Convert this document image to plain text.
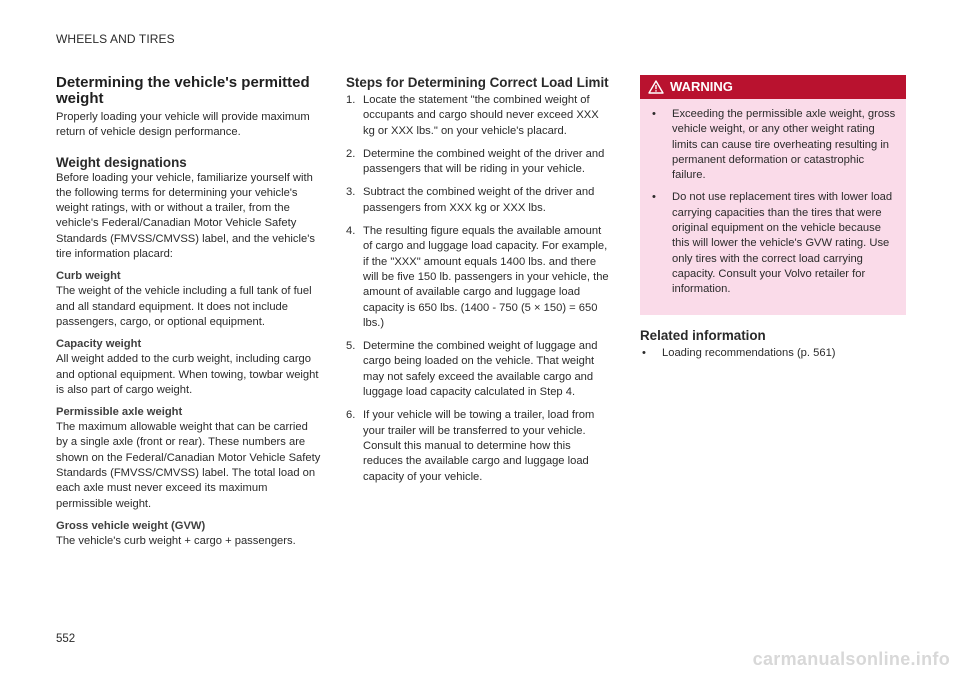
WHEELS AND TIRES
Determining the vehicle's permitted weight

Properly loading your vehicle will provide maximum return of vehicle design performance.

Weight designations

Before loading your vehicle, familiarize yourself with the following terms for determining your vehicle's weight ratings, with or without a trailer, from the vehicle's Federal/Canadian Motor Vehicle Safety Standards (FMVSS/CMVSS) label, and the vehicle's tire information placard:

Curb weight

The weight of the vehicle including a full tank of fuel and all standard equipment. It does not include passengers, cargo, or optional equipment.

Capacity weight

All weight added to the curb weight, including cargo and optional equipment. When towing, towbar weight is also part of cargo weight.

Permissible axle weight

The maximum allowable weight that can be carried by a single axle (front or rear). These numbers are shown on the Federal/Canadian Motor Vehicle Safety Standards (FMVSS/CMVSS) label. The total load on each axle must never exceed its maximum permissible weight.

Gross vehicle weight (GVW)

The vehicle's curb weight + cargo + passengers.

Steps for Determining Correct Load Limit
1. Locate the statement "the combined weight of occupants and cargo should never exceed XXX kg or XXX lbs." on your vehicle's placard.
2. Determine the combined weight of the driver and passengers that will be riding in your vehicle.
3. Subtract the combined weight of the driver and passengers from XXX kg or XXX lbs.
4. The resulting figure equals the available amount of cargo and luggage load capacity. For example, if the "XXX" amount equals 1400 lbs. and there will be five 150 lb. passengers in your vehicle, the amount of available cargo and luggage load capacity is 650 lbs. (1400 - 750 (5 × 150) = 650 lbs.)
5. Determine the combined weight of luggage and cargo being loaded on the vehicle. That weight may not safely exceed the available cargo and luggage load capacity calculated in Step 4.
6. If your vehicle will be towing a trailer, load from your trailer will be transferred to your vehicle. Consult this manual to determine how this reduces the available cargo and luggage load capacity of your vehicle.
WARNING
• Exceeding the permissible axle weight, gross vehicle weight, or any other weight rating limits can cause tire overheating resulting in permanent deformation or catastrophic failure.
• Do not use replacement tires with lower load carrying capacities than the tires that were original equipment on the vehicle because this will lower the vehicle's GVW rating. Use only tires with the correct load carrying capacity. Consult your Volvo retailer for information.
Related information
• Loading recommendations (p. 561)
552
carmanualsonline.info
